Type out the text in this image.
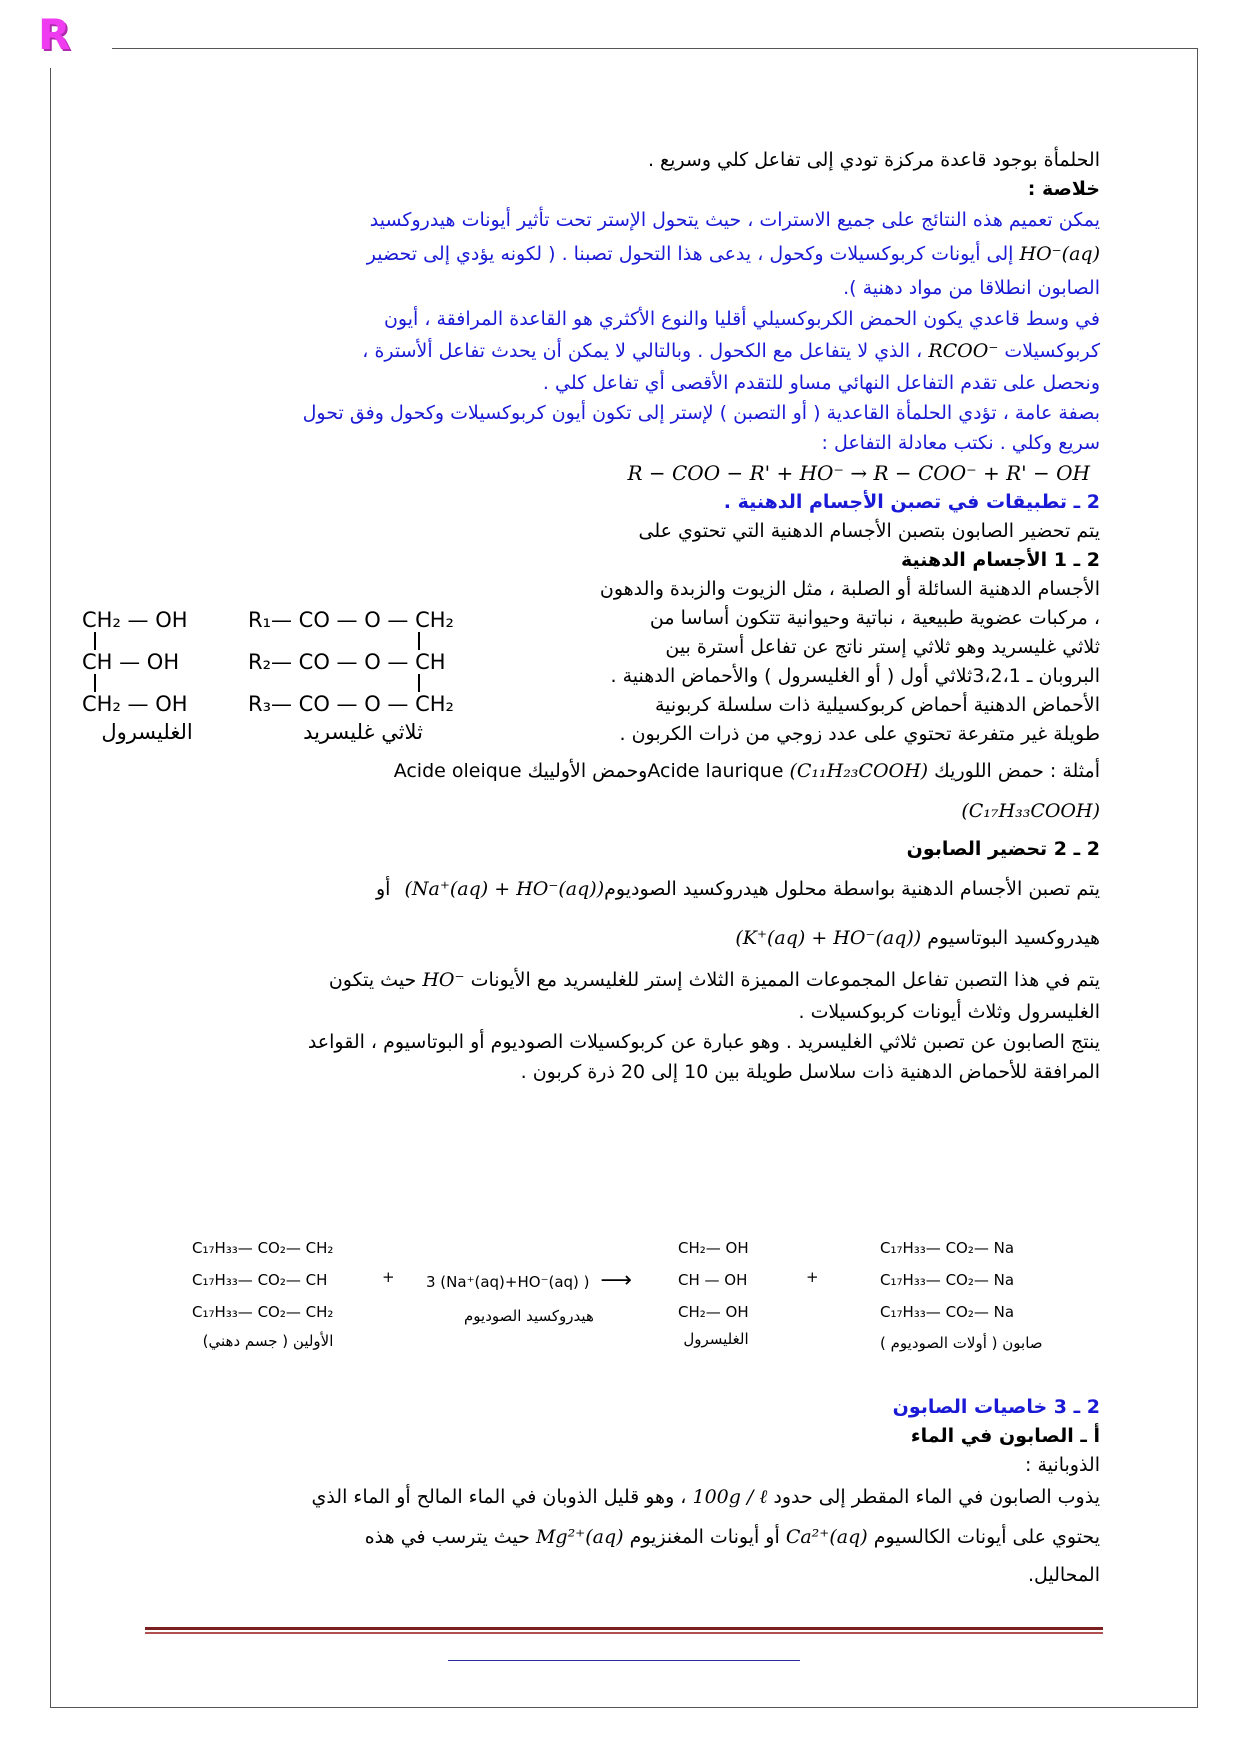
R

الحلمأة بوجود قاعدة مركزة تودي إلى تفاعل كلي وسريع .

خلاصة :

يمكن تعميم هذه النتائج على جميع الاسترات ، حيث يتحول الإستر تحت تأثير أيونات هيدروكسيد

HO⁻(aq) إلى أيونات كربوكسيلات وكحول ، يدعى هذا التحول تصبنا . ( لكونه يؤدي إلى تحضير

الصابون انطلاقا من مواد دهنية ).

في وسط قاعدي يكون الحمض الكربوكسيلي أقليا والنوع الأكثري هو القاعدة المرافقة ، أيون

كربوكسيلات RCOO⁻ ، الذي لا يتفاعل مع الكحول . وبالتالي لا يمكن أن يحدث تفاعل ألأسترة ،

ونحصل على تقدم التفاعل النهائي مساو للتقدم الأقصى أي تفاعل كلي .

بصفة عامة ، تؤدي الحلمأة القاعدية ( أو التصبن ) لإستر إلى تكون أيون كربوكسيلات وكحول وفق تحول

سريع وكلي . نكتب معادلة التفاعل :

R − COO − R' + HO⁻ → R − COO⁻ + R' − OH

2 ـ تطبيقات في تصبن الأجسام الدهنية .

يتم تحضير الصابون بتصبن الأجسام الدهنية التي تحتوي على

2 ـ 1 الأجسام الدهنية

الأجسام الدهنية السائلة أو الصلبة ، مثل الزيوت والزبدة والدهون

، مركبات عضوية طبيعية ، نباتية وحيوانية تتكون أساسا من

ثلاثي غليسريد وهو ثلاثي إستر ناتج عن تفاعل أسترة بين

البروبان ـ 3،2،1ثلاثي أول ( أو الغليسرول ) والأحماض الدهنية .

الأحماض الدهنية أحماض كربوكسيلية ذات سلسلة كربونية

طويلة غير متفرعة تحتوي على عدد زوجي من ذرات الكربون .

أمثلة : حمض اللوريك Acide laurique (C₁₁H₂₃COOH)وحمض الأولييك Acide oleique

(C₁₇H₃₃COOH)

2 ـ 2 تحضير الصابون

يتم تصبن الأجسام الدهنية بواسطة محلول هيدروكسيد الصوديوم(Na⁺(aq) + HO⁻(aq)) أو

هيدروكسيد البوتاسيوم (K⁺(aq) + HO⁻(aq))

يتم في هذا التصبن تفاعل المجموعات المميزة الثلاث إستر للغليسريد مع الأيونات HO⁻ حيث يتكون

الغليسرول وثلاث أيونات كربوكسيلات .

ينتج الصابون عن تصبن ثلاثي الغليسريد . وهو عبارة عن كربوكسيلات الصوديوم أو البوتاسيوم ، القواعد

المرافقة للأحماض الدهنية ذات سلاسل طويلة بين 10 إلى 20 ذرة كربون .

CH₂ — OH
CH — OH
CH₂ — OH
الغليسرول
R₁— CO — O — CH₂
R₂— CO — O — CH
R₃— CO — O — CH₂
ثلاثي غليسريد
C₁₇H₃₃— CO₂— CH₂
C₁₇H₃₃— CO₂— CH
C₁₇H₃₃— CO₂— CH₂
الأولين ( جسم دهني)
+ 3 (Na⁺(aq)+HO⁻(aq) ) ⟶
هيدروكسيد الصوديوم
CH₂— OH
CH — OH
CH₂— OH
الغليسرول
+
C₁₇H₃₃— CO₂— Na
C₁₇H₃₃— CO₂— Na
C₁₇H₃₃— CO₂— Na
صابون ( أولات الصوديوم )

2 ـ 3 خاصيات الصابون

أ ـ الصابون في الماء

الذوبانية :

يذوب الصابون في الماء المقطر إلى حدود 100g / ℓ ، وهو قليل الذوبان في الماء المالح أو الماء الذي

يحتوي على أيونات الكالسيوم Ca²⁺(aq) أو أيونات المغنزيوم Mg²⁺(aq) حيث يترسب في هذه

المحاليل.
